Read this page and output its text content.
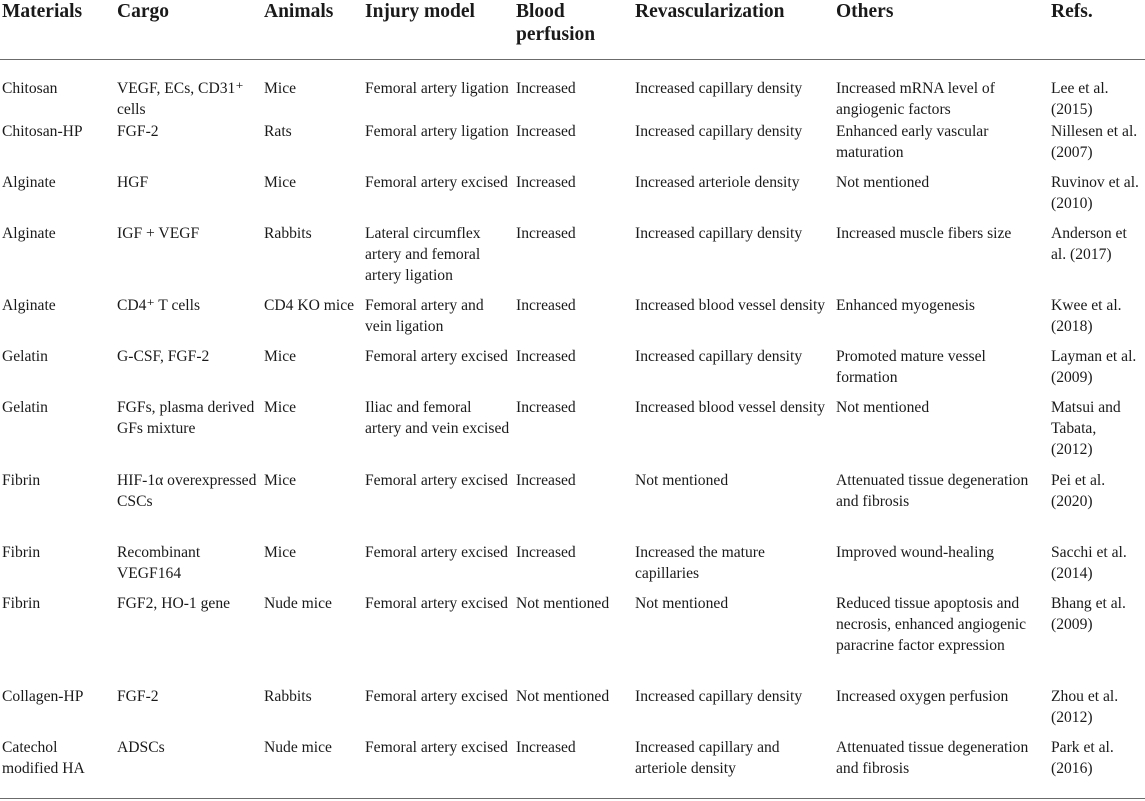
Materials	Cargo	Animals	Injury model	Blood perfusion	Revascularization	Others	Refs.
Chitosan	VEGF, ECs, CD31⁺ cells	Mice	Femoral artery ligation	Increased	Increased capillary density	Increased mRNA level of angiogenic factors	Lee et al. (2015)
Chitosan-HP	FGF-2	Rats	Femoral artery ligation	Increased	Increased capillary density	Enhanced early vascular maturation	Nillesen et al. (2007)
Alginate	HGF	Mice	Femoral artery excised	Increased	Increased arteriole density	Not mentioned	Ruvinov et al. (2010)
Alginate	IGF + VEGF	Rabbits	Lateral circumflex artery and femoral artery ligation	Increased	Increased capillary density	Increased muscle fibers size	Anderson et al. (2017)
Alginate	CD4⁺ T cells	CD4 KO mice	Femoral artery and vein ligation	Increased	Increased blood vessel density	Enhanced myogenesis	Kwee et al. (2018)
Gelatin	G-CSF, FGF-2	Mice	Femoral artery excised	Increased	Increased capillary density	Promoted mature vessel formation	Layman et al. (2009)
Gelatin	FGFs, plasma derived GFs mixture	Mice	Iliac and femoral artery and vein excised	Increased	Increased blood vessel density	Not mentioned	Matsui and Tabata, (2012)
Fibrin	HIF-1α overexpressed CSCs	Mice	Femoral artery excised	Increased	Not mentioned	Attenuated tissue degeneration and fibrosis	Pei et al. (2020)
Fibrin	Recombinant VEGF164	Mice	Femoral artery excised	Increased	Increased the mature capillaries	Improved wound-healing	Sacchi et al. (2014)
Fibrin	FGF2, HO-1 gene	Nude mice	Femoral artery excised	Not mentioned	Not mentioned	Reduced tissue apoptosis and necrosis, enhanced angiogenic paracrine factor expression	Bhang et al. (2009)
Collagen-HP	FGF-2	Rabbits	Femoral artery excised	Not mentioned	Increased capillary density	Increased oxygen perfusion	Zhou et al. (2012)
Catechol modified HA	ADSCs	Nude mice	Femoral artery excised	Increased	Increased capillary and arteriole density	Attenuated tissue degeneration and fibrosis	Park et al. (2016)
